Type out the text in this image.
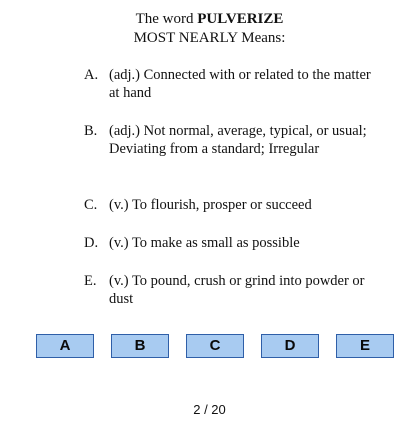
The word PULVERIZE
MOST NEARLY Means:
A. (adj.) Connected with or related to the matter at hand
B. (adj.) Not normal, average, typical, or usual; Deviating from a standard; Irregular
C. (v.) To flourish, prosper or succeed
D. (v.) To make as small as possible
E. (v.) To pound, crush or grind into powder or dust
A	B	C	D	E
2 / 20
